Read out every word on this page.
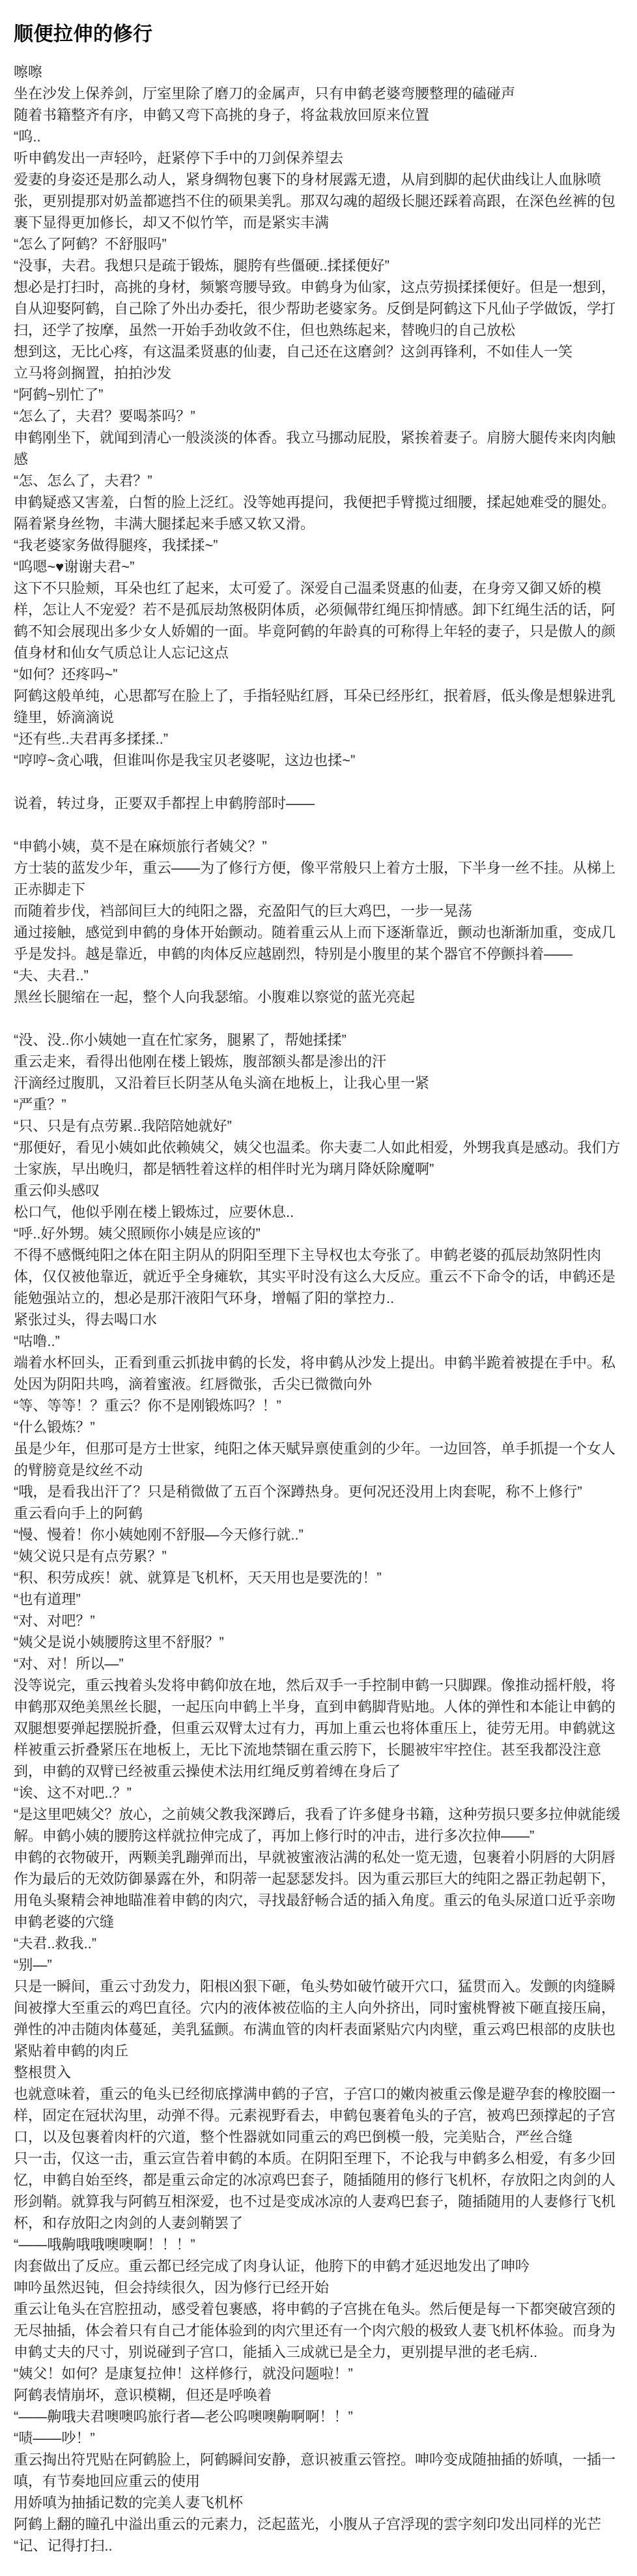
顺便拉伸的修行

嚓嚓

坐在沙发上保养剑，厅室里除了磨刀的金属声，只有申鹤老婆弯腰整理的磕碰声

随着书籍整齐有序，申鹤又弯下高挑的身子，将盆栽放回原来位置

“呜..

听申鹤发出一声轻吟，赶紧停下手中的刀剑保养望去

爱妻的身姿还是那么动人，紧身绸物包裹下的身材展露无遗，从肩到脚的起伏曲线让人血脉喷张，更别提那对奶盖都遮挡不住的硕果美乳。那双勾魂的超级长腿还踩着高跟，在深色丝裤的包裹下显得更加修长，却又不似竹竿，而是紧实丰满

“怎么了阿鹤？不舒服吗”

“没事，夫君。我想只是疏于锻炼，腿胯有些僵硬..揉揉便好”

想必是打扫时，高挑的身材，频繁弯腰导致。申鹤身为仙家，这点劳损揉揉便好。但是一想到，自从迎娶阿鹤，自己除了外出办委托，很少帮助老婆家务。反倒是阿鹤这下凡仙子学做饭，学打扫，还学了按摩，虽然一开始手劲收敛不住，但也熟练起来，替晚归的自己放松

想到这，无比心疼，有这温柔贤惠的仙妻，自己还在这磨剑？这剑再锋利，不如佳人一笑

立马将剑搁置，拍拍沙发

“阿鹤~别忙了”

“怎么了，夫君？要喝茶吗？”

申鹤刚坐下，就闻到清心一般淡淡的体香。我立马挪动屁股，紧挨着妻子。肩膀大腿传来肉肉触感

“怎、怎么了，夫君？”

申鹤疑惑又害羞，白皙的脸上泛红。没等她再提问，我便把手臂揽过细腰，揉起她难受的腿处。隔着紧身丝物，丰满大腿揉起来手感又软又滑。

“我老婆家务做得腿疼，我揉揉~”

“呜嗯~♥谢谢夫君~”

这下不只脸颊，耳朵也红了起来，太可爱了。深爱自己温柔贤惠的仙妻，在身旁又御又娇的模样，怎让人不宠爱？若不是孤辰劫煞极阴体质，必须佩带红绳压抑情感。卸下红绳生活的话，阿鹤不知会展现出多少女人娇媚的一面。毕竟阿鹤的年龄真的可称得上年轻的妻子，只是傲人的颜值身材和仙女气质总让人忘记这点

“如何？还疼吗~”

阿鹤这般单纯，心思都写在脸上了，手指轻贴红唇，耳朵已经彤红，抿着唇，低头像是想躲进乳缝里，娇滴滴说

“还有些..夫君再多揉揉..”

“哼哼~贪心哦，但谁叫你是我宝贝老婆呢，这边也揉~”

说着，转过身，正要双手都捏上申鹤胯部时——

“申鹤小姨，莫不是在麻烦旅行者姨父？”

方士装的蓝发少年，重云——为了修行方便，像平常般只上着方士服，下半身一丝不挂。从梯上正赤脚走下

而随着步伐，裆部间巨大的纯阳之器，充盈阳气的巨大鸡巴，一步一晃荡

通过接触，感觉到申鹤的身体开始颤动。随着重云从上而下逐渐靠近，颤动也渐渐加重，变成几乎是发抖。越是靠近，申鹤的肉体反应越剧烈，特别是小腹里的某个器官不停颤抖着——

“夫、夫君..”

黑丝长腿缩在一起，整个人向我瑟缩。小腹难以察觉的蓝光亮起

“没、没..你小姨她一直在忙家务，腿累了，帮她揉揉”

重云走来，看得出他刚在楼上锻炼，腹部额头都是渗出的汗

汗滴经过腹肌，又沿着巨长阴茎从龟头滴在地板上，让我心里一紧

“严重？”

“只、只是有点劳累..我陪陪她就好”

“那便好，看见小姨如此依赖姨父，姨父也温柔。你夫妻二人如此相爱，外甥我真是感动。我们方士家族，早出晚归，都是牺牲着这样的相伴时光为璃月降妖除魔啊”

重云仰头感叹

松口气，他似乎刚在楼上锻炼过，应要休息..

“呼..好外甥。姨父照顾你小姨是应该的”

不得不感慨纯阳之体在阳主阴从的阴阳至理下主导权也太夸张了。申鹤老婆的孤辰劫煞阴性肉体，仅仅被他靠近，就近乎全身瘫软，其实平时没有这么大反应。重云不下命令的话，申鹤还是能勉强站立的，想必是那汗液阳气环身，增幅了阳的掌控力..

紧张过头，得去喝口水

“咕噜..”

端着水杯回头，正看到重云抓拢申鹤的长发，将申鹤从沙发上提出。申鹤半跪着被提在手中。私处因为阴阳共鸣，滴着蜜液。红唇微张，舌尖已微微向外

“等、等等！？重云？你不是刚锻炼吗？！”

“什么锻炼？”

虽是少年，但那可是方士世家，纯阳之体天赋异禀使重剑的少年。一边回答，单手抓提一个女人的臂膀竟是纹丝不动

“哦，是看我出汗了？只是稍微做了五百个深蹲热身。更何况还没用上肉套呢，称不上修行”

重云看向手上的阿鹤

“慢、慢着！你小姨她刚不舒服—今天修行就..”

“姨父说只是有点劳累？”

“积、积劳成疾！就、就算是飞机杯，天天用也是要洗的！”

“也有道理”

“对、对吧？”

“姨父是说小姨腰胯这里不舒服？”

“对、对！所以—”

没等说完，重云拽着头发将申鹤仰放在地，然后双手一手控制申鹤一只脚踝。像推动摇杆般，将申鹤那双绝美黑丝长腿，一起压向申鹤上半身，直到申鹤脚背贴地。人体的弹性和本能让申鹤的双腿想要弹起摆脱折叠，但重云双臂太过有力，再加上重云也将体重压上，徒劳无用。申鹤就这样被重云折叠紧压在地板上，无比下流地禁锢在重云胯下，长腿被牢牢控住。甚至我都没注意到，申鹤的双臂已经被重云操使术法用红绳反剪着缚在身后了

“诶、这不对吧..？”

“是这里吧姨父？放心，之前姨父教我深蹲后，我看了许多健身书籍，这种劳损只要多拉伸就能缓解。申鹤小姨的腰胯这样就拉伸完成了，再加上修行时的冲击，进行多次拉伸——”

申鹤的衣物破开，两颗美乳蹦弹而出，早就被蜜液沾满的私处一览无遗，包裹着小阴唇的大阴唇作为最后的无效防御暴露在外，和阴蒂一起瑟瑟发抖。因为重云那巨大的纯阳之器正勃起朝下，用龟头聚精会神地瞄准着申鹤的肉穴，寻找最舒畅合适的插入角度。重云的龟头尿道口近乎亲吻申鹤老婆的穴缝

“夫君..救我..”

“别—”

只是一瞬间，重云寸劲发力，阳根凶狠下砸，龟头势如破竹破开穴口，猛贯而入。发颤的肉缝瞬间被撑大至重云的鸡巴直径。穴内的液体被莅临的主人向外挤出，同时蜜桃臀被下砸直接压扁，弹性的冲击随肉体蔓延，美乳猛颤。布满血管的肉杆表面紧贴穴内肉壁，重云鸡巴根部的皮肤也紧贴着申鹤的肉丘

整根贯入

也就意味着，重云的龟头已经彻底撑满申鹤的子宫，子宫口的嫩肉被重云像是避孕套的橡胶圈一样，固定在冠状沟里，动弹不得。元素视野看去，申鹤包裹着龟头的子宫，被鸡巴颈撑起的子宫口，以及包裹着肉杆的穴道，整个性器就如同重云的鸡巴倒模一般，完美贴合，严丝合缝

只一击，仅这一击，重云宣告着申鹤的本质。在阴阳至理下，不论我与申鹤多么相爱，有多少回忆，申鹤自始至终，都是重云命定的冰凉鸡巴套子，随插随用的修行飞机杯，存放阳之肉剑的人形剑鞘。就算我与阿鹤互相深爱，也不过是变成冰凉的人妻鸡巴套子，随插随用的人妻修行飞机杯，和存放阳之肉剑的人妻剑鞘罢了

“——哦齁哦哦噢噢啊！！！”

肉套做出了反应。重云都已经完成了肉身认证，他胯下的申鹤才延迟地发出了呻吟

呻吟虽然迟钝，但会持续很久，因为修行已经开始

重云让龟头在宫腔扭动，感受着包裹感，将申鹤的子宫挑在龟头。然后便是每一下都突破宫颈的无尽抽插，体会着只有自己才能体验到的肉穴里还有一个肉穴般的极致人妻飞机杯体验。而身为申鹤丈夫的尺寸，别说碰到子宫口，能插入三成就已是全力，更别提早泄的老毛病..

“姨父！如何？是康复拉伸！这样修行，就没问题啦！”

阿鹤表情崩坏，意识模糊，但还是呼唤着

“——齁哦夫君噢噢呜旅行者—老公呜噢噢齁啊啊！！”

“啧——吵！”

重云掏出符咒贴在阿鹤脸上，阿鹤瞬间安静，意识被重云管控。呻吟变成随抽插的娇嗔，一插一嗔，有节奏地回应重云的使用

用娇嗔为抽插记数的完美人妻飞机杯

阿鹤上翻的瞳孔中溢出重云的元素力，泛起蓝光，小腹从子宫浮现的雲字刻印发出同样的光芒

“记、记得打扫..
